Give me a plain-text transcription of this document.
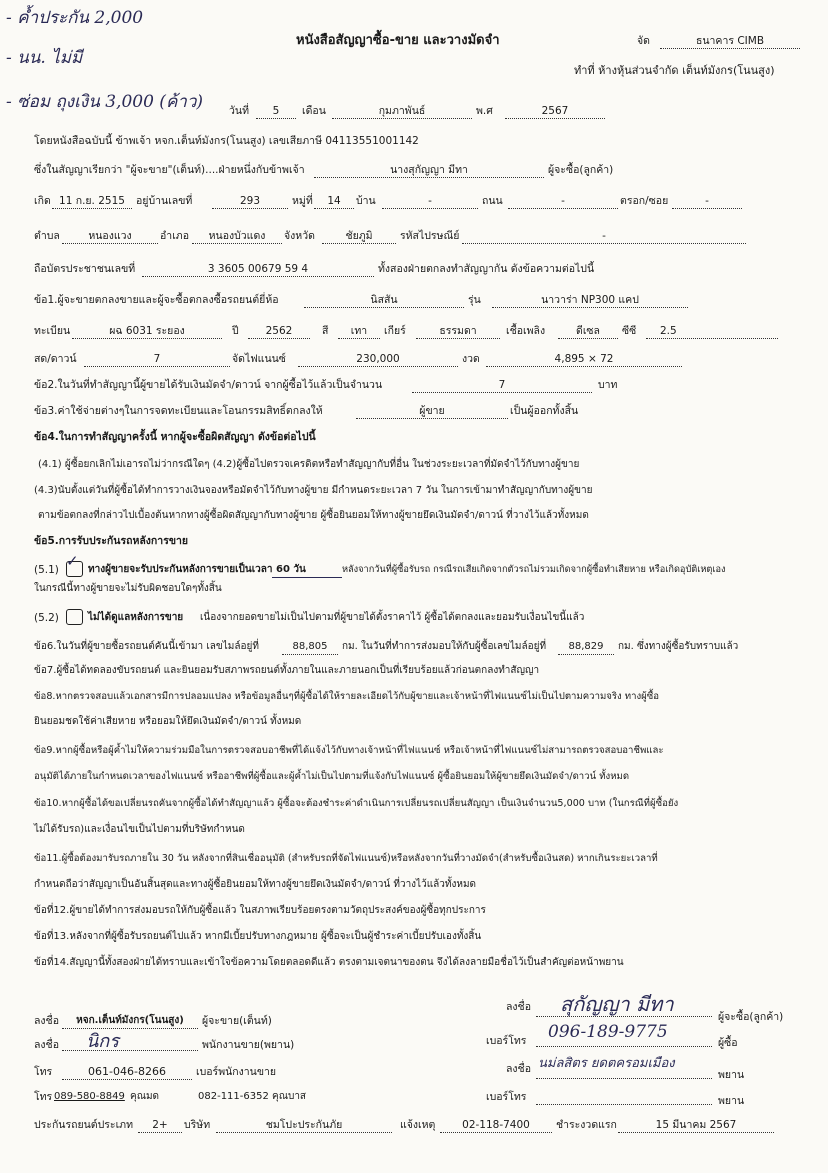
- ค้ำประกัน 2,000
- นน. ไม่มี
- ซ่อม ถุงเงิน 3,000 (ค้าว)
หนังสือสัญญาซื้อ-ขาย และวางมัดจำ	จัด	ธนาคาร CIMB
ทำที่ ห้างหุ้นส่วนจำกัด เต็นท์มังกร(โนนสูง)
วันที่	5	เดือน	กุมภาพันธ์	พ.ศ	2567
โดยหนังสือฉบับนี้ ข้าพเจ้า หจก.เต็นท์มังกร(โนนสูง) เลขเสียภาษี 04113551001142
ซึ่งในสัญญาเรียกว่า "ผู้จะขาย"(เต็นท์)....ฝ่ายหนึ่งกับข้าพเจ้า	นางสุกัญญา มีทา	ผู้จะซื้อ(ลูกค้า)
เกิด 11 ก.ย. 2515	อยู่บ้านเลขที่	293	หมู่ที่	14	บ้าน	-	ถนน	-	ตรอก/ซอย	-
ตำบล	หนองแวง	อำเภอ	หนองบัวแดง	จังหวัด	ชัยภูมิ	รหัสไปรษณีย์	-
ถือบัตรประชาชนเลขที่	3 3605 00679 59 4	ทั้งสองฝ่ายตกลงทำสัญญากัน ดังข้อความต่อไปนี้
ข้อ1.ผู้จะขายตกลงขายและผู้จะซื้อตกลงซื้อรถยนต์ยี่ห้อ	นิสสัน	รุ่น	นาวาร่า NP300 แคป
ทะเบียน	ผฉ 6031 ระยอง	ปี	2562	สี	เทา	เกียร์	ธรรมดา	เชื้อเพลิง	ดีเซล	ซีซี	2.5
สด/ดาวน์	7	จัดไฟแนนซ์	230,000	งวด	4,895 × 72
ข้อ2.ในวันที่ทำสัญญานี้ผู้ขายได้รับเงินมัดจำ/ดาวน์ จากผู้ซื้อไว้แล้วเป็นจำนวน	7	บาท
ข้อ3.ค่าใช้จ่ายต่างๆในการจดทะเบียนและโอนกรรมสิทธิ์ตกลงให้	ผู้ขาย	เป็นผู้ออกทั้งสิ้น
ข้อ4.ในการทำสัญญาครั้งนี้ หากผู้จะซื้อผิดสัญญา ดังข้อต่อไปนี้
(4.1) ผู้ซื้อยกเลิกไม่เอารถไม่ว่ากรณีใดๆ (4.2)ผู้ซื้อไปตรวจเครดิตหรือทำสัญญากับที่อื่น ในช่วงระยะเวลาที่มัดจำไว้กับทางผู้ขาย
(4.3)นับตั้งแต่วันที่ผู้ซื้อได้ทำการวางเงินจองหรือมัดจำไว้กับทางผู้ขาย มีกำหนดระยะเวลา 7 วัน ในการเข้ามาทำสัญญากับทางผู้ขาย
ตามข้อตกลงที่กล่าวไปเบื้องต้นหากทางผู้ซื้อผิดสัญญากับทางผู้ขาย ผู้ซื้อยินยอมให้ทางผู้ขายยึดเงินมัดจำ/ดาวน์ ที่วางไว้แล้วทั้งหมด
ข้อ5.การรับประกันรถหลังการขาย
(5.1) ✓ ทางผู้ขายจะรับประกันหลังการขายเป็นเวลา 60 วัน	หลังจากวันที่ผู้ซื้อรับรถ กรณีรถเสียเกิดจากตัวรถไม่รวมเกิดจากผู้ซื้อทำเสียหาย หรือเกิดอุบัติเหตุเอง
ในกรณีนี้ทางผู้ขายจะไม่รับผิดชอบใดๆทั้งสิ้น
(5.2)	ไม่ได้ดูแลหลังการขาย เนื่องจากยอดขายไม่เป็นไปตามที่ผู้ขายได้ตั้งราคาไว้ ผู้ซื้อได้ตกลงและยอมรับเงื่อนไขนี้แล้ว
ข้อ6.ในวันที่ผู้ขายซื้อรถยนต์คันนี้เข้ามา เลขไมล์อยู่ที่	88,805	กม. ในวันที่ทำการส่งมอบให้กับผู้ซื้อเลขไมล์อยู่ที่	88,829	กม. ซึ่งทางผู้ซื้อรับทราบแล้ว
ข้อ7.ผู้ซื้อได้ทดลองขับรถยนต์ และยินยอมรับสภาพรถยนต์ทั้งภายในและภายนอกเป็นที่เรียบร้อยแล้วก่อนตกลงทำสัญญา
ข้อ8.หากตรวจสอบแล้วเอกสารมีการปลอมแปลง หรือข้อมูลอื่นๆที่ผู้ซื้อได้ให้รายละเอียดไว้กับผู้ขายและเจ้าหน้าที่ไฟแนนซ์ไม่เป็นไปตามความจริง ทางผู้ซื้อ
ยินยอมชดใช้ค่าเสียหาย หรือยอมให้ยึดเงินมัดจำ/ดาวน์ ทั้งหมด
ข้อ9.หากผู้ซื้อหรือผู้ค้ำไม่ให้ความร่วมมือในการตรวจสอบอาชีพที่ได้แจ้งไว้กับทางเจ้าหน้าที่ไฟแนนซ์ หรือเจ้าหน้าที่ไฟแนนซ์ไม่สามารถตรวจสอบอาชีพและ
อนุมัติได้ภายในกำหนดเวลาของไฟแนนซ์ หรืออาชีพที่ผู้ซื้อและผู้ค้ำไม่เป็นไปตามที่แจ้งกับไฟแนนซ์ ผู้ซื้อยินยอมให้ผู้ขายยึดเงินมัดจำ/ดาวน์ ทั้งหมด
ข้อ10.หากผู้ซื้อได้ขอเปลี่ยนรถคันจากผู้ซื้อได้ทำสัญญาแล้ว ผู้ซื้อจะต้องชำระค่าดำเนินการเปลี่ยนรถเปลี่ยนสัญญา เป็นเงินจำนวน5,000 บาท (ในกรณีที่ผู้ซื้อยัง
ไม่ได้รับรถ)และเงื่อนไขเป็นไปตามที่บริษัทกำหนด
ข้อ11.ผู้ซื้อต้องมารับรถภายใน 30 วัน หลังจากที่สินเชื่ออนุมัติ (สำหรับรถที่จัดไฟแนนซ์)หรือหลังจากวันที่วางมัดจำ(สำหรับซื้อเงินสด) หากเกินระยะเวลาที่
กำหนดถือว่าสัญญาเป็นอันสิ้นสุดและทางผู้ซื้อยินยอมให้ทางผู้ขายยึดเงินมัดจำ/ดาวน์ ที่วางไว้แล้วทั้งหมด
ข้อที่12.ผู้ขายได้ทำการส่งมอบรถให้กับผู้ซื้อแล้ว ในสภาพเรียบร้อยตรงตามวัตถุประสงค์ของผู้ซื้อทุกประการ
ข้อที่13.หลังจากที่ผู้ซื้อรับรถยนต์ไปแล้ว หากมีเบี้ยปรับทางกฎหมาย ผู้ซื้อจะเป็นผู้ชำระค่าเบี้ยปรับเองทั้งสิ้น
ข้อที่14.สัญญานี้ทั้งสองฝ่ายได้ทราบและเข้าใจข้อความโดยตลอดดีแล้ว ตรงตามเจตนาของตน จึงได้ลงลายมือชื่อไว้เป็นสำคัญต่อหน้าพยาน
ลงชื่อ	หจก.เต็นท์มังกร(โนนสูง)	ผู้จะขาย(เต็นท์)
ลงชื่อ นิกร	พนักงานขาย(พยาน)
โทร	061-046-8266	เบอร์พนักงานขาย
โทร 089-580-8849 คุณมด	082-111-6352 คุณบาส
ลงชื่อ สุกัญญา มีทา
ผู้จะซื้อ(ลูกค้า)
เบอร์โทร 096-189-9775
ผู้ซื้อ
ลงชื่อ นม่ลสิตร ยดตครอมเมือง
พยาน
เบอร์โทร	พยาน
ประกันรถยนต์ประเภท	2+	บริษัท	ชมโปะประกันภัย	แจ้งเหตุ	02-118-7400	ชำระงวดแรก	15 มีนาคม 2567
